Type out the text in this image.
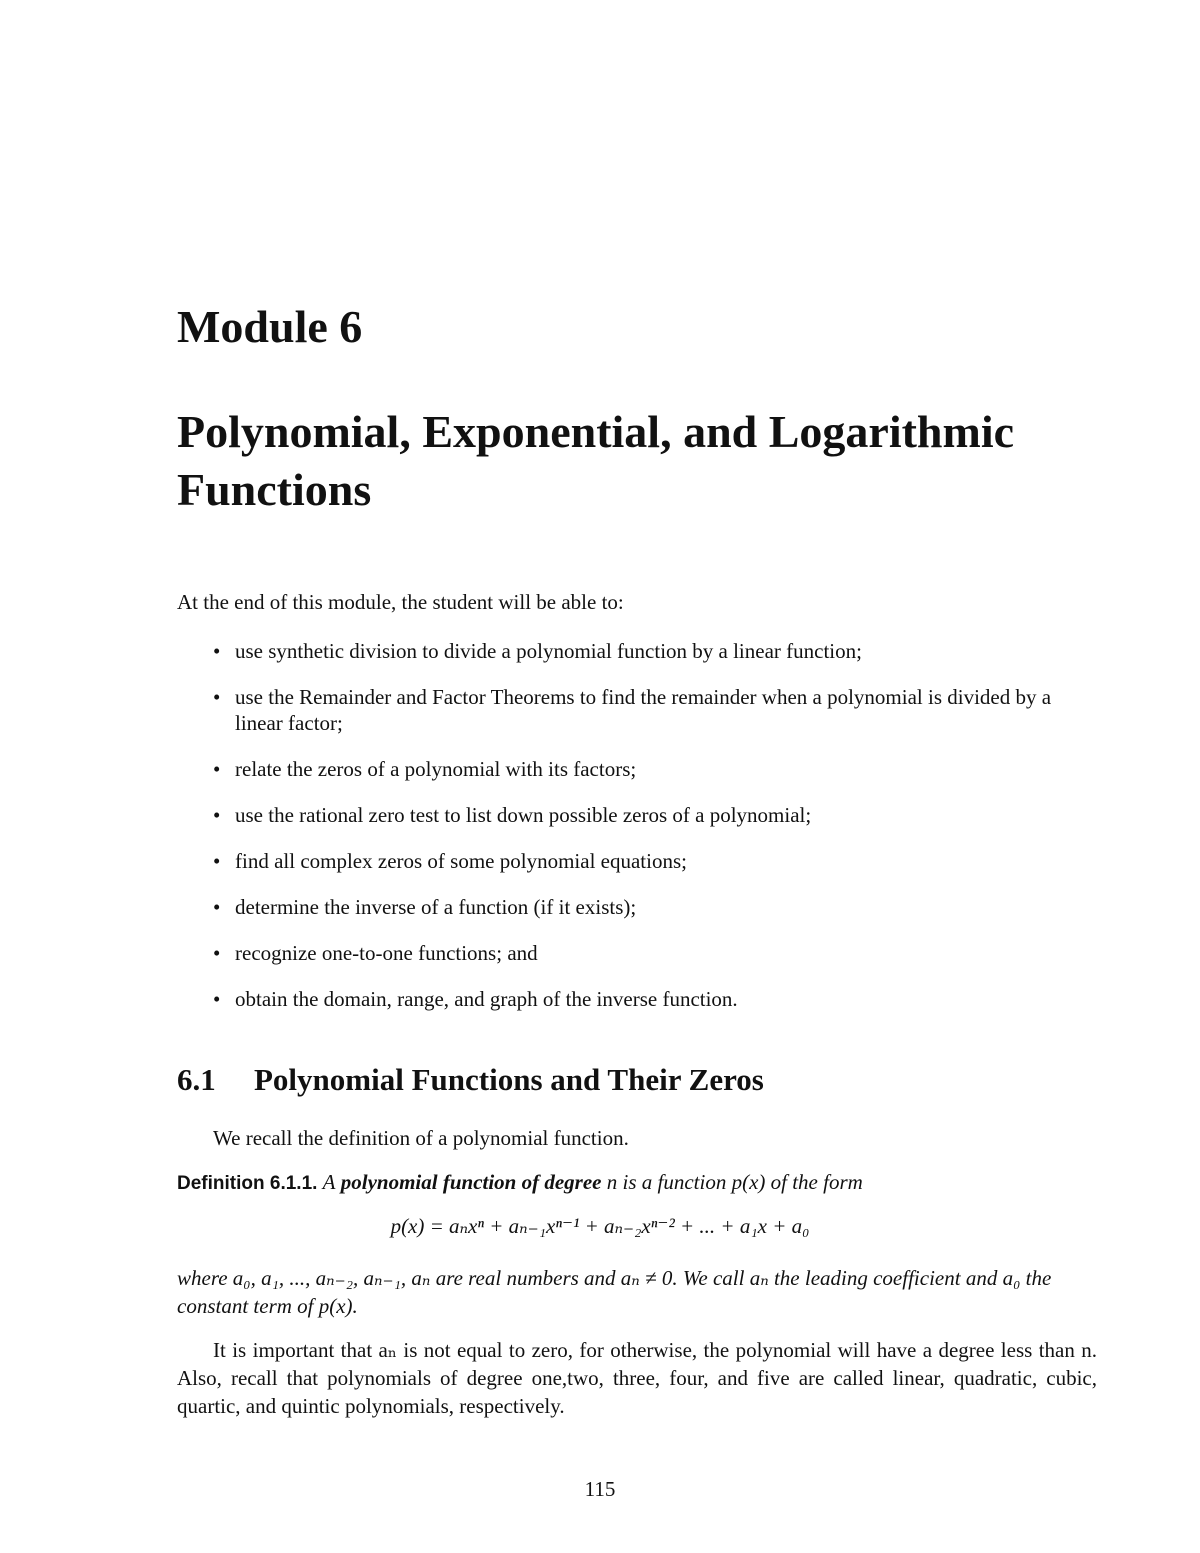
Module 6
Polynomial, Exponential, and Logarithmic Functions

At the end of this module, the student will be able to:

• use synthetic division to divide a polynomial function by a linear function;
• use the Remainder and Factor Theorems to find the remainder when a polynomial is divided by a linear factor;
• relate the zeros of a polynomial with its factors;
• use the rational zero test to list down possible zeros of a polynomial;
• find all complex zeros of some polynomial equations;
• determine the inverse of a function (if it exists);
• recognize one-to-one functions; and
• obtain the domain, range, and graph of the inverse function.
6.1 Polynomial Functions and Their Zeros

We recall the definition of a polynomial function.

Definition 6.1.1. A polynomial function of degree n is a function p(x) of the form

p(x) = aₙxⁿ + aₙ₋₁xⁿ⁻¹ + aₙ₋₂xⁿ⁻² + ... + a₁x + a₀

where a₀, a₁, ..., aₙ₋₂, aₙ₋₁, aₙ are real numbers and aₙ ≠ 0. We call aₙ the leading coefficient and a₀ the constant term of p(x).

It is important that aₙ is not equal to zero, for otherwise, the polynomial will have a degree less than n. Also, recall that polynomials of degree one,two, three, four, and five are called linear, quadratic, cubic, quartic, and quintic polynomials, respectively.

115
